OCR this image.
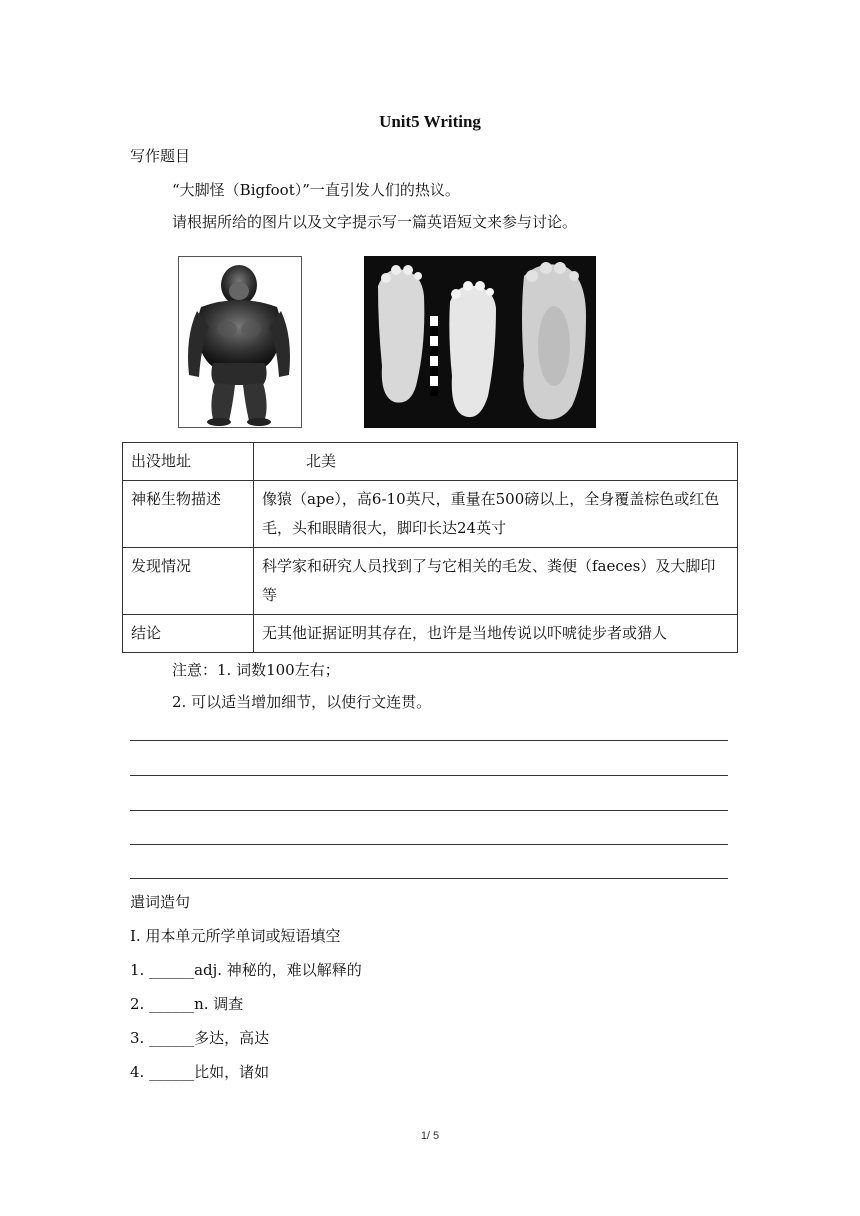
Unit5 Writing
写作题目
“大脚怪（Bigfoot）”一直引发人们的热议。
请根据所给的图片以及文字提示写一篇英语短文来参与讨论。
出没地址	北美
神秘生物描述	像猿（ape），高6-10英尺，重量在500磅以上，全身覆盖棕色或红色毛，头和眼睛很大，脚印长达24英寸
发现情况	科学家和研究人员找到了与它相关的毛发、粪便（faeces）及大脚印等
结论	无其他证据证明其存在，也许是当地传说以吓唬徒步者或猎人
注意：1. 词数100左右；
2. 可以适当增加细节，以使行文连贯。
遣词造句
I. 用本单元所学单词或短语填空
1. ______adj. 神秘的，难以解释的
2. ______n. 调查
3. ______多达，高达
4. ______比如，诸如
1/ 5
